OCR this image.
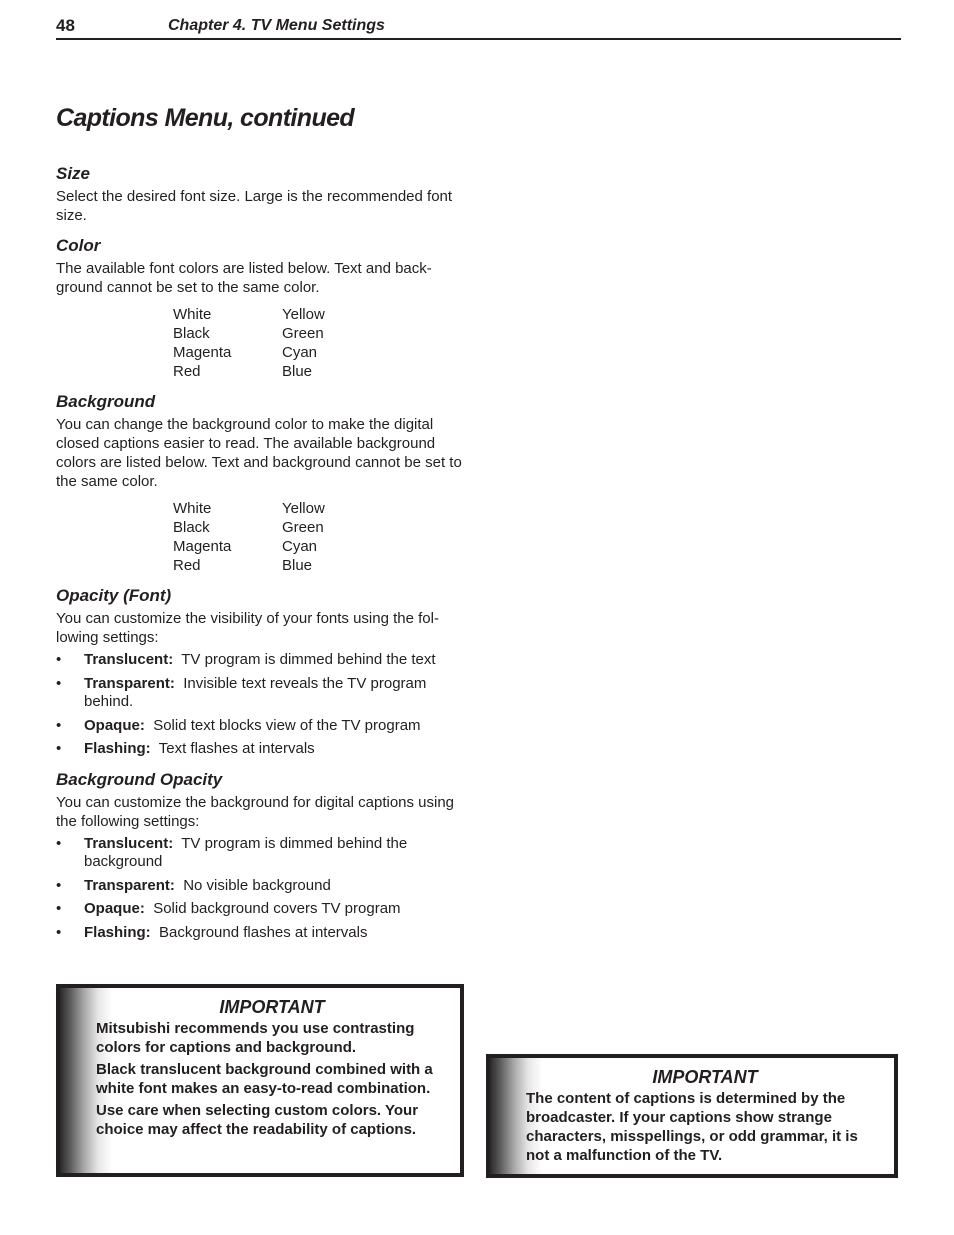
48	Chapter 4. TV Menu Settings
Captions Menu, continued
Size

Select the desired font size. Large is the recommended font size.

Color

The available font colors are listed below. Text and back-ground cannot be set to the same color.

White	Yellow
Black	Green
Magenta	Cyan
Red	Blue
Background

You can change the background color to make the digital closed captions easier to read. The available background colors are listed below. Text and background cannot be set to the same color.

White	Yellow
Black	Green
Magenta	Cyan
Red	Blue
Opacity (Font)

You can customize the visibility of your fonts using the fol-lowing settings:

• Translucent: TV program is dimmed behind the text
• Transparent: Invisible text reveals the TV program behind.
• Opaque: Solid text blocks view of the TV program
• Flashing: Text flashes at intervals
Background Opacity

You can customize the background for digital captions using the following settings:

• Translucent: TV program is dimmed behind the background
• Transparent: No visible background
• Opaque: Solid background covers TV program
• Flashing: Background flashes at intervals
IMPORTANT

Mitsubishi recommends you use contrasting colors for captions and background.

Black translucent background combined with a white font makes an easy-to-read combination.

Use care when selecting custom colors. Your choice may affect the readability of captions.

IMPORTANT

The content of captions is determined by the broadcaster. If your captions show strange characters, misspellings, or odd grammar, it is not a malfunction of the TV.
